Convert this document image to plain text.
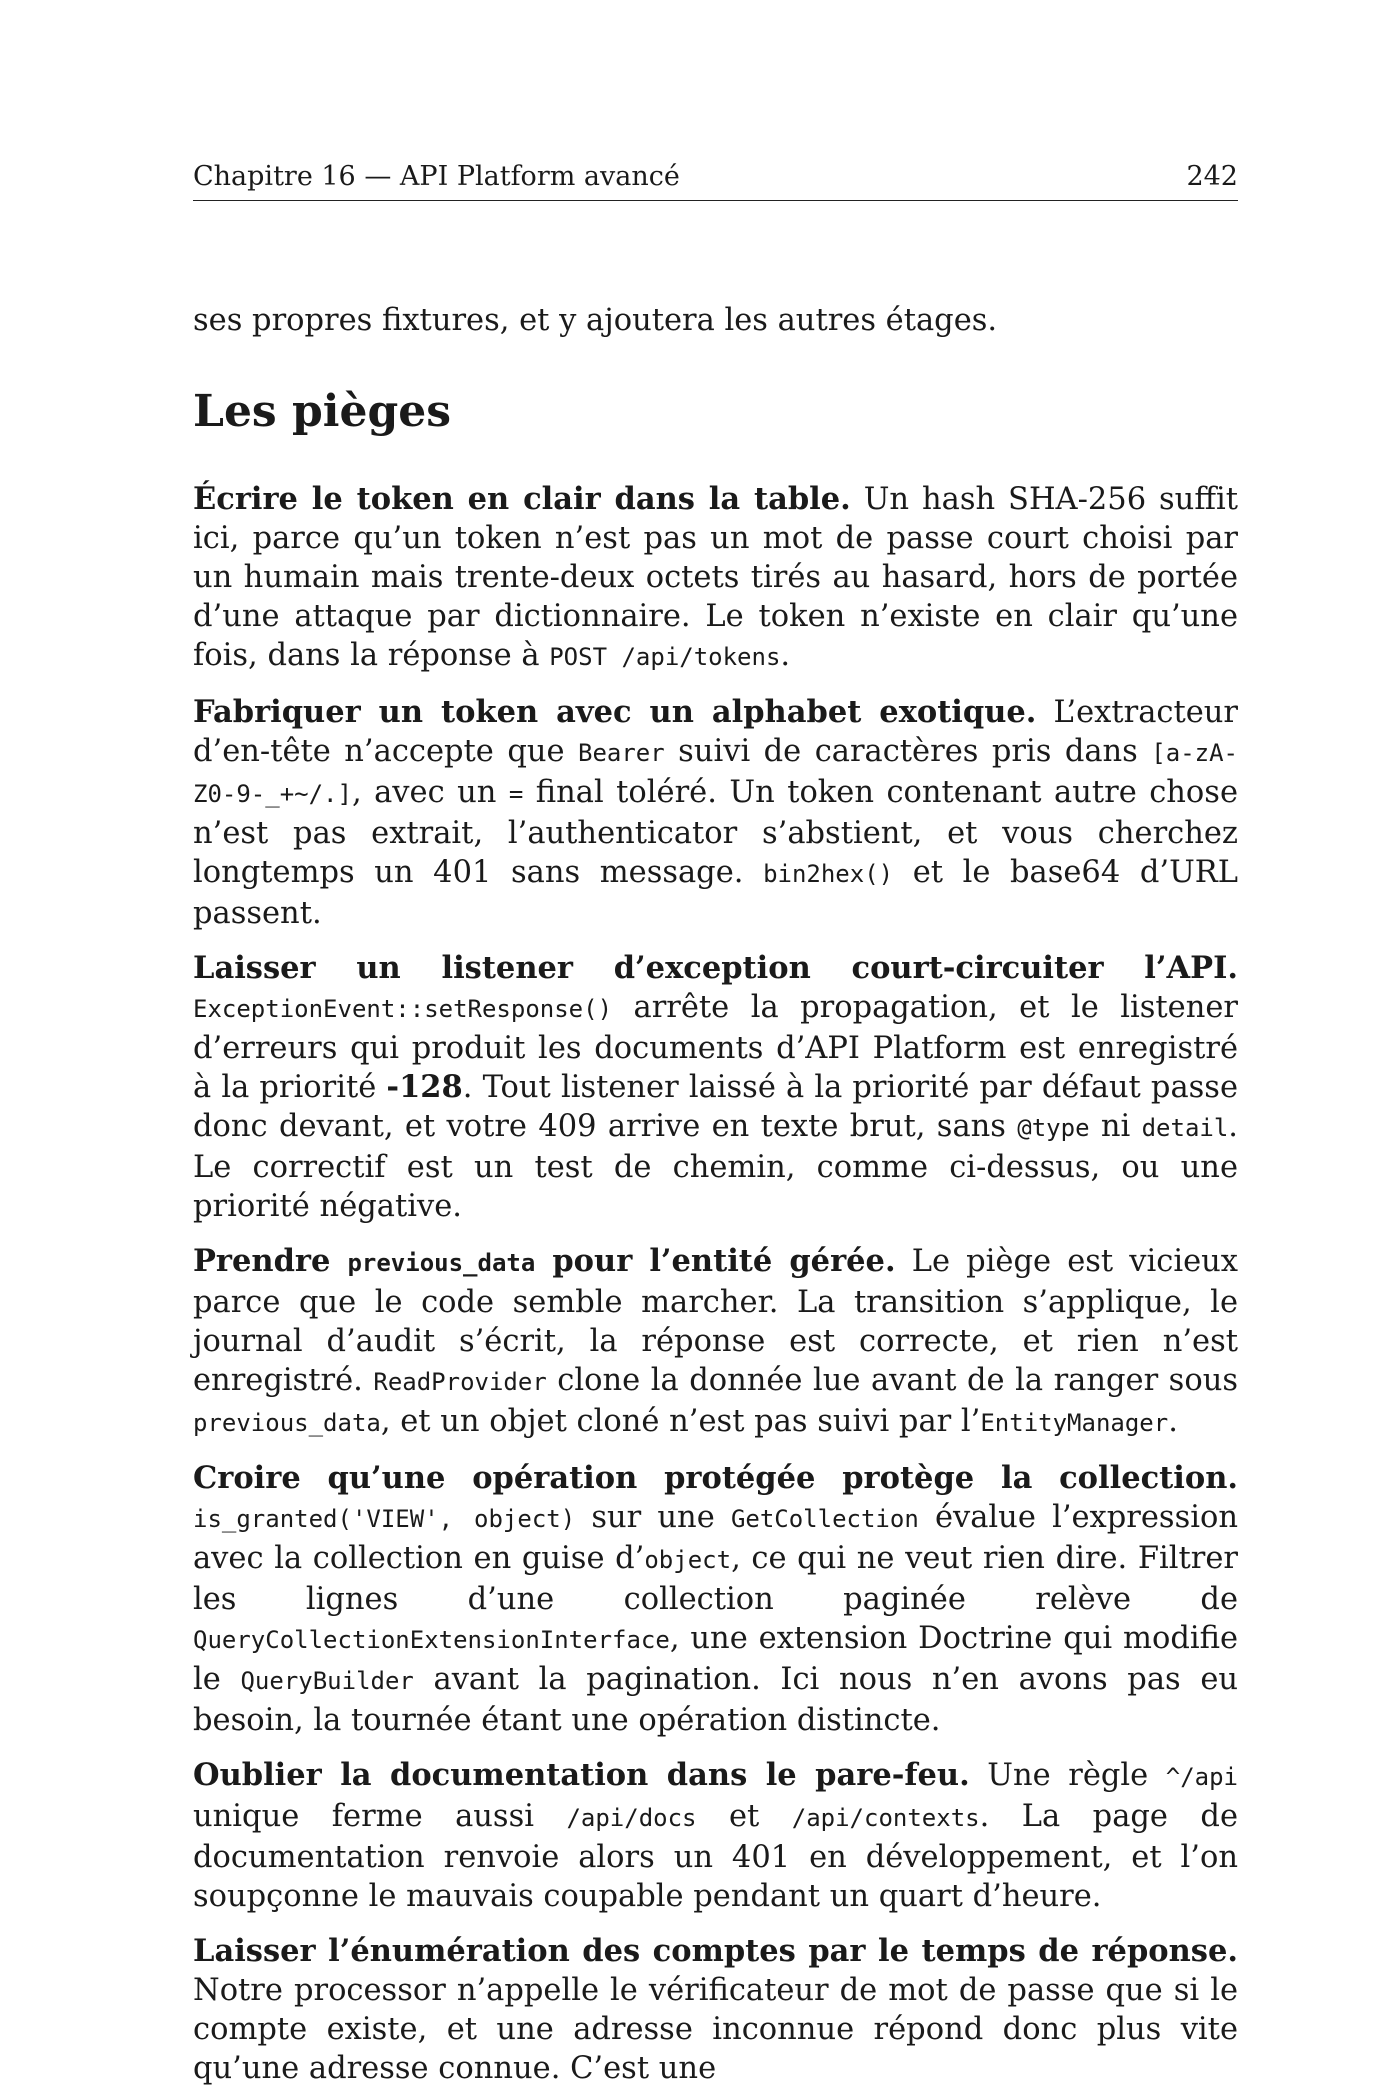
Chapitre 16 — API Platform avancé	242

ses propres fixtures, et y ajoutera les autres étages.

Les pièges

Écrire le token en clair dans la table. Un hash SHA-256 suffit ici, parce qu’un token n’est pas un mot de passe court choisi par un humain mais trente-deux octets tirés au hasard, hors de portée d’une attaque par dictionnaire. Le token n’existe en clair qu’une fois, dans la réponse à POST /api/tokens.

Fabriquer un token avec un alphabet exotique. L’extracteur d’en-tête n’accepte que Bearer suivi de caractères pris dans [a-zA-Z0-9-_+~/.], avec un = final toléré. Un token contenant autre chose n’est pas extrait, l’authenticator s’abstient, et vous cherchez longtemps un 401 sans message. bin2hex() et le base64 d’URL passent.

Laisser un listener d’exception court-circuiter l’API. ExceptionEvent::setResponse() arrête la propagation, et le listener d’erreurs qui produit les documents d’API Platform est enregistré à la priorité -128. Tout listener laissé à la priorité par défaut passe donc devant, et votre 409 arrive en texte brut, sans @type ni detail. Le correctif est un test de chemin, comme ci-dessus, ou une priorité négative.

Prendre previous_data pour l’entité gérée. Le piège est vicieux parce que le code semble marcher. La transition s’applique, le journal d’audit s’écrit, la réponse est correcte, et rien n’est enregistré. ReadProvider clone la donnée lue avant de la ranger sous previous_data, et un objet cloné n’est pas suivi par l’EntityManager.

Croire qu’une opération protégée protège la collection. is_granted('VIEW', object) sur une GetCollection évalue l’expression avec la collection en guise d’object, ce qui ne veut rien dire. Filtrer les lignes d’une collection paginée relève de QueryCollectionExtensionInterface, une extension Doctrine qui modifie le QueryBuilder avant la pagination. Ici nous n’en avons pas eu besoin, la tournée étant une opération distincte.

Oublier la documentation dans le pare-feu. Une règle ^/api unique ferme aussi /api/docs et /api/contexts. La page de documentation renvoie alors un 401 en développement, et l’on soupçonne le mauvais coupable pendant un quart d’heure.

Laisser l’énumération des comptes par le temps de réponse. Notre processor n’appelle le vérificateur de mot de passe que si le compte existe, et une adresse inconnue répond donc plus vite qu’une adresse connue. C’est une
